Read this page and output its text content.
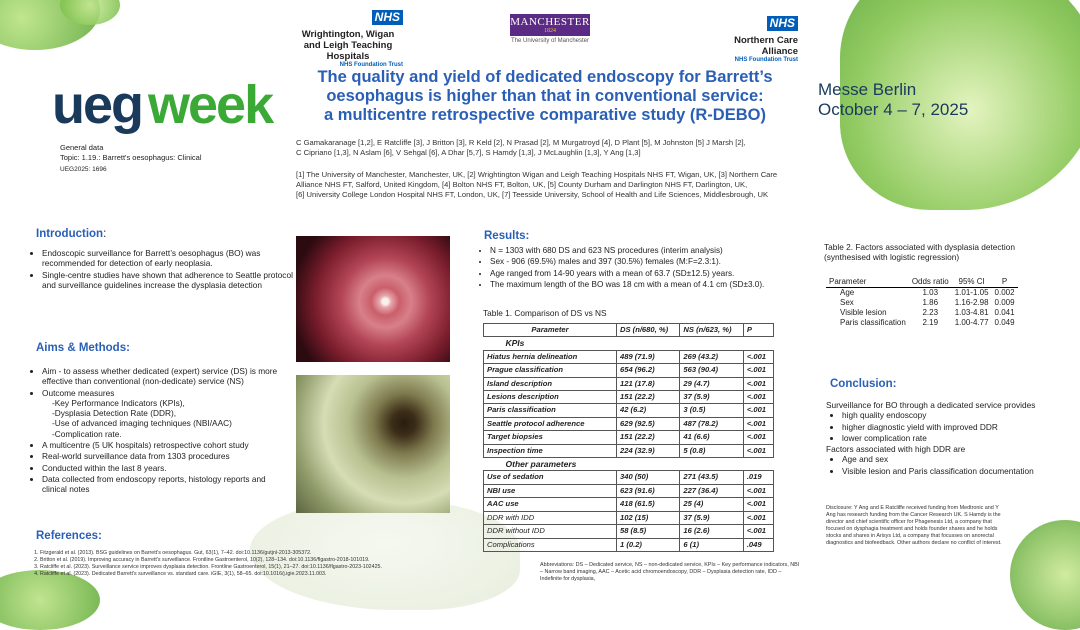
NHS
Wrightington, Wigan and Leigh Teaching Hospitals
NHS Foundation Trust
MANCHESTER
1824
The University of Manchester
NHS
Northern Care Alliance
NHS Foundation Trust
ueg week	Messe Berlin
October 4 – 7, 2025
The quality and yield of dedicated endoscopy for Barrett’s
oesophagus is higher than that in conventional service:
a multicentre retrospective comparative study (R-DEBO)
General data
Topic: 1.19.: Barrett's oesophagus: Clinical
UEG2025: 1696
C Gamakaranage [1,2], E Ratcliffe [3], J Britton [3], R Keld [2], N Prasad [2], M Murgatroyd [4], D Plant [5], M Johnston [5] J Marsh [2],
C Cipriano [1,3], N Aslam [6], V Sehgal [6], A Dhar [5,7], S Hamdy [1,3], J McLaughlin [1,3], Y Ang [1,3]
[1] The University of Manchester, Manchester, UK, [2] Wrightington Wigan and Leigh Teaching Hospitals NHS FT, Wigan, UK, [3] Northern Care
Alliance NHS FT, Salford, United Kingdom, [4] Bolton NHS FT, Bolton, UK, [5] County Durham and Darlington NHS FT, Darlington, UK,
[6] University College London Hospital NHS FT, London, UK, [7] Teesside University, School of Health and Life Sciences, Middlesbrough, UK
Introduction:
• Endoscopic surveillance for Barrett’s oesophagus (BO) was recommended for detection of early neoplasia.
• Single-centre studies have shown that adherence to Seattle protocol and surveillance guidelines increase the dysplasia detection
Aims & Methods:
• Aim - to assess whether dedicated (expert) service (DS) is more effective than conventional (non-dedicate) service (NS)
• Outcome measures
-Key Performance Indicators (KPIs),
-Dysplasia Detection Rate (DDR),
-Use of advanced imaging techniques (NBI/AAC)
-Complication rate.
• A multicentre (5 UK hospitals) retrospective cohort study
• Real-world surveillance data from 1303 procedures
• Conducted within the last 8 years.
• Data collected from endoscopy reports, histology reports and clinical notes
References:
1. Fitzgerald et al. (2013). BSG guidelines on Barrett's oesophagus. Gut, 63(1), 7–42. doi:10.1136/gutjnl-2013-305372.
2. Britton et al. (2019). Improving accuracy in Barrett's surveillance. Frontline Gastroenterol, 10(2), 128–134. doi:10.1136/flgastro-2018-101019.
3. Ratcliffe et al. (2023). Surveillance service improves dysplasia detection. Frontline Gastroenterol, 15(1), 21–27. doi:10.1136/flgastro-2023-102425.
4. Ratcliffe et al. (2023). Dedicated Barrett's surveillance vs. standard care. iGIE, 3(1), 58–65. doi:10.1016/j.igie.2023.11.003.
Results:
• N = 1303 with 680 DS and 623 NS procedures (interim analysis)
• Sex - 906 (69.5%) males and 397 (30.5%) females (M:F=2.3:1).
• Age ranged from 14-90 years with a mean of 63.7 (SD±12.5) years.
• The maximum length of the BO was 18 cm with a mean of 4.1 cm (SD±3.0).
Table 1. Comparison of DS vs NS
Parameter	DS (n/680, %)	NS (n/623, %)	P
KPIs			
Hiatus hernia delineation	489 (71.9)	269 (43.2)	<.001
Prague classification	654 (96.2)	563 (90.4)	<.001
Island description	121 (17.8)	29 (4.7)	<.001
Lesions description	151 (22.2)	37 (5.9)	<.001
Paris classification	42 (6.2)	3 (0.5)	<.001
Seattle protocol adherence	629 (92.5)	487 (78.2)	<.001
Target biopsies	151 (22.2)	41 (6.6)	<.001
Inspection time	224 (32.9)	5 (0.8)	<.001
Other parameters			
Use of sedation	340 (50)	271 (43.5)	.019
NBI use	623 (91.6)	227 (36.4)	<.001
AAC use	418 (61.5)	25 (4)	<.001
DDR with IDD	102 (15)	37 (5.9)	<.001
DDR without IDD	58 (8.5)	16 (2.6)	<.001
Complications	1 (0.2)	6 (1)	.049
Abbreviations: DS – Dedicated service, NS – non-dedicated service, KPIs – Key performance indicators, NBI – Narrow band imaging, AAC – Acetic acid chromoendoscopy, DDR – Dysplasia detection rate, IDD – Indefinite for dysplasia,
Table 2. Factors associated with dysplasia detection
(synthesised with logistic regression)
Parameter	Odds ratio	95% CI	P
Age	1.03	1.01-1.05	0.002
Sex	1.86	1.16-2.98	0.009
Visible lesion	2.23	1.03-4.81	0.041
Paris classification	2.19	1.00-4.77	0.049
Conclusion:
Surveillance for BO through a dedicated service provides
• high quality endoscopy
• higher diagnostic yield with improved DDR
• lower complication rate
Factors associated with high DDR are
• Age and sex
• Visible lesion and Paris classification documentation
Disclosure: Y Ang and E Ratcliffe received funding from Medtronic and Y Ang has research funding from the Cancer Research UK. S Hamdy is the director and chief scientific officer for Phagenesis Ltd, a company that focused on dysphagia treatment and holds founder shares and he holds stocks and shares in Arisys Ltd, a company that focusses on anorectal diagnostics and biofeedback. Other authors declare no conflict of interest.
